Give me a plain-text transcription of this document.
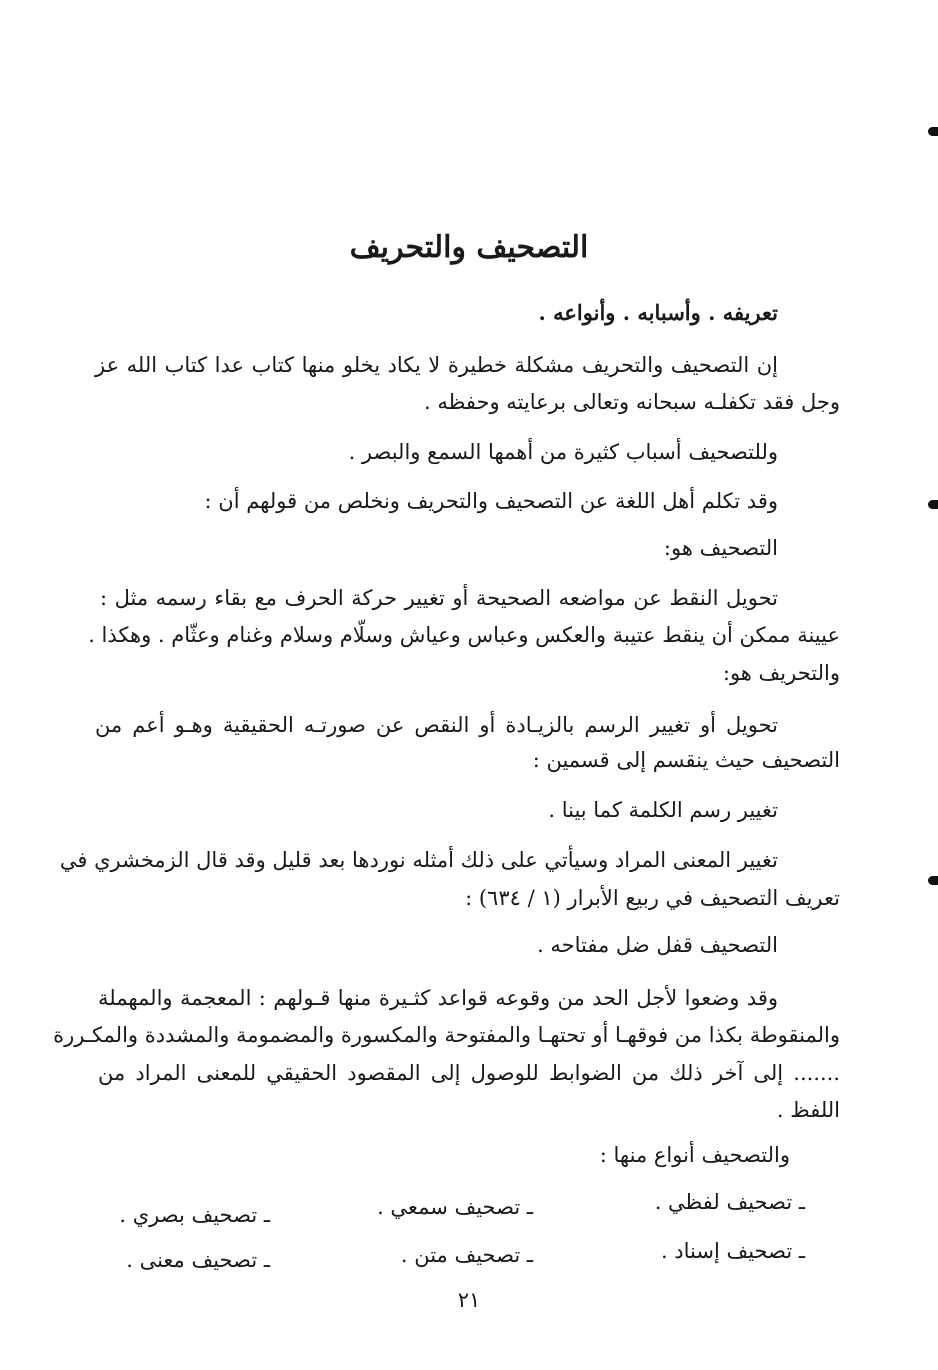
التصحيف والتحريف
تعريفه . وأسبابه . وأنواعه .
إن التصحيف والتحريف مشكلة خطيرة لا يكاد يخلو منها كتاب عدا كتاب الله عز
وجل فقد تكفلـه سبحانه وتعالى برعايته وحفظه .
وللتصحيف أسباب كثيرة من أهمها السمع والبصر .
وقد تكلم أهل اللغة عن التصحيف والتحريف ونخلص من قولهم أن :
التصحيف هو:
تحويل النقط عن مواضعه الصحيحة أو تغيير حركة الحرف مع بقاء رسمه مثل :
عيينة ممكن أن ينقط عتيبة والعكس وعباس وعياش وسلّام وسلام وغنام وعثّام . وهكذا .
والتحريف هو:
تحويل أو تغيير الرسم بالزيـادة أو النقص عن صورتـه الحقيقية وهـو أعم من
التصحيف حيث ينقسم إلى قسمين :
تغيير رسم الكلمة كما بينا .
تغيير المعنى المراد وسيأتي على ذلك أمثله نوردها بعد قليل وقد قال الزمخشري في
تعريف التصحيف في ربيع الأبرار (١ / ٦٣٤) :
التصحيف قفل ضل مفتاحه .
وقد وضعوا لأجل الحد من وقوعه قواعد كثـيرة منها قـولهم : المعجمة والمهملة
والمنقوطة بكذا من فوقهـا أو تحتهـا والمفتوحة والمكسورة والمضمومة والمشددة والمكـررة
....... إلى آخر ذلك من الضوابط للوصول إلى المقصود الحقيقي للمعنى المراد من
اللفظ .
والتصحيف أنواع منها :
ـ تصحيف لفظي .
ـ تصحيف سمعي .
ـ تصحيف بصري .
ـ تصحيف إسناد .
ـ تصحيف متن .
ـ تصحيف معنى .
٢١
